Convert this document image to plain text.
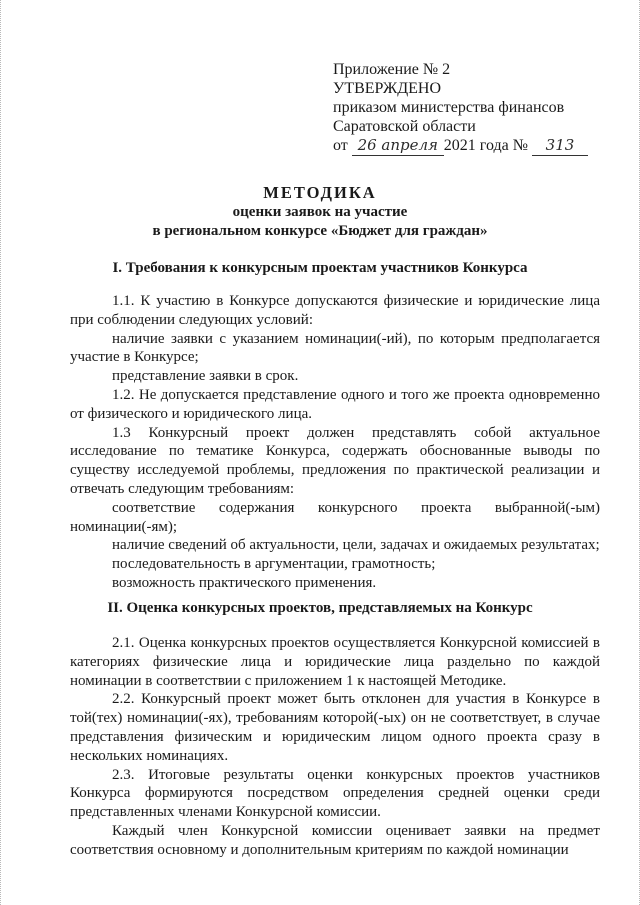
Приложение № 2
УТВЕРЖДЕНО
приказом министерства финансов
Саратовской области
от 26 апреля 2021 года № 313
МЕТОДИКА
оценки заявок на участие
в региональном конкурсе «Бюджет для граждан»
I. Требования к конкурсным проектам участников Конкурса

1.1. К участию в Конкурсе допускаются физические и юридические лица при соблюдении следующих условий:

наличие заявки с указанием номинации(-ий), по которым предполагается участие в Конкурсе;

представление заявки в срок.

1.2. Не допускается представление одного и того же проекта одновременно от физического и юридического лица.

1.3 Конкурсный проект должен представлять собой актуальное исследование по тематике Конкурса, содержать обоснованные выводы по существу исследуемой проблемы, предложения по практической реализации и отвечать следующим требованиям:

соответствие содержания конкурсного проекта выбранной(-ым) номинации(-ям);

наличие сведений об актуальности, цели, задачах и ожидаемых результатах;

последовательность в аргументации, грамотность;

возможность практического применения.

II. Оценка конкурсных проектов, представляемых на Конкурс

2.1. Оценка конкурсных проектов осуществляется Конкурсной комиссией в категориях физические лица и юридические лица раздельно по каждой номинации в соответствии с приложением 1 к настоящей Методике.

2.2. Конкурсный проект может быть отклонен для участия в Конкурсе в той(тех) номинации(-ях), требованиям которой(-ых) он не соответствует, в случае представления физическим и юридическим лицом одного проекта сразу в нескольких номинациях.

2.3. Итоговые результаты оценки конкурсных проектов участников Конкурса формируются посредством определения средней оценки среди представленных членами Конкурсной комиссии.

Каждый член Конкурсной комиссии оценивает заявки на предмет соответствия основному и дополнительным критериям по каждой номинации
